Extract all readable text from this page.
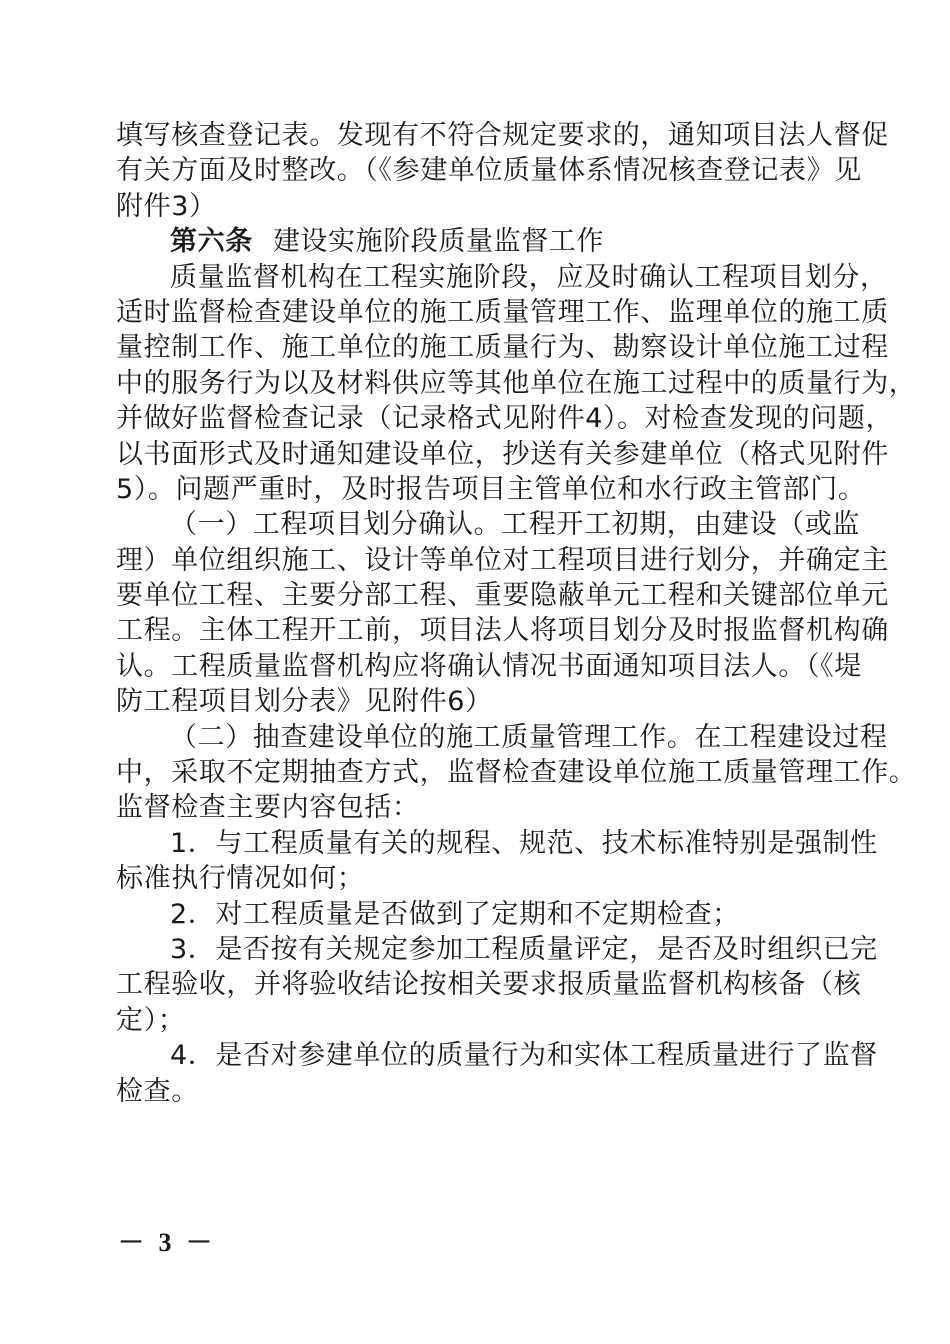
填写核查登记表。发现有不符合规定要求的，通知项目法人督促
有关方面及时整改。（《参建单位质量体系情况核查登记表》见
附件3）
第六条 建设实施阶段质量监督工作
质量监督机构在工程实施阶段，应及时确认工程项目划分，
适时监督检查建设单位的施工质量管理工作、监理单位的施工质
量控制工作、施工单位的施工质量行为、勘察设计单位施工过程
中的服务行为以及材料供应等其他单位在施工过程中的质量行为，
并做好监督检查记录（记录格式见附件4）。对检查发现的问题，
以书面形式及时通知建设单位，抄送有关参建单位（格式见附件
5）。问题严重时，及时报告项目主管单位和水行政主管部门。
（一）工程项目划分确认。工程开工初期，由建设（或监
理）单位组织施工、设计等单位对工程项目进行划分，并确定主
要单位工程、主要分部工程、重要隐蔽单元工程和关键部位单元
工程。主体工程开工前，项目法人将项目划分及时报监督机构确
认。工程质量监督机构应将确认情况书面通知项目法人。（《堤
防工程项目划分表》见附件6）
（二）抽查建设单位的施工质量管理工作。在工程建设过程
中，采取不定期抽查方式，监督检查建设单位施工质量管理工作。
监督检查主要内容包括：
1．与工程质量有关的规程、规范、技术标准特别是强制性
标准执行情况如何；
2．对工程质量是否做到了定期和不定期检查；
3．是否按有关规定参加工程质量评定，是否及时组织已完
工程验收，并将验收结论按相关要求报质量监督机构核备（核
定）；
4．是否对参建单位的质量行为和实体工程质量进行了监督
检查。
－ 3 －
